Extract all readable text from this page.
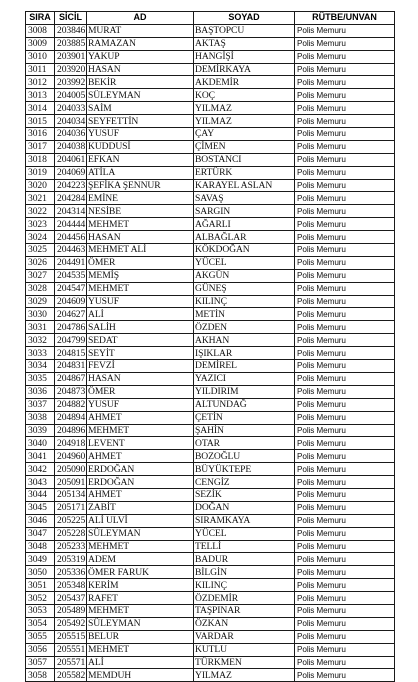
SIRA	SİCİL	AD	SOYAD	RÜTBE/UNVAN
3008	203846	MURAT	BAŞTOPCU	Polis Memuru
3009	203885	RAMAZAN	AKTAŞ	Polis Memuru
3010	203901	YAKUP	HANGİŞİ	Polis Memuru
3011	203920	HASAN	DEMİRKAYA	Polis Memuru
3012	203992	BEKİR	AKDEMİR	Polis Memuru
3013	204005	SÜLEYMAN	KOÇ	Polis Memuru
3014	204033	SAİM	YILMAZ	Polis Memuru
3015	204034	SEYFETTİN	YILMAZ	Polis Memuru
3016	204036	YUSUF	ÇAY	Polis Memuru
3017	204038	KUDDUSİ	ÇİMEN	Polis Memuru
3018	204061	EFKAN	BOSTANCI	Polis Memuru
3019	204069	ATİLA	ERTÜRK	Polis Memuru
3020	204223	ŞEFİKA ŞENNUR	KARAYEL ASLAN	Polis Memuru
3021	204284	EMİNE	SAVAŞ	Polis Memuru
3022	204314	NESİBE	SARGIN	Polis Memuru
3023	204444	MEHMET	AĞARLI	Polis Memuru
3024	204456	HASAN	ALBAĞLAR	Polis Memuru
3025	204463	MEHMET ALİ	KÖKDOĞAN	Polis Memuru
3026	204491	ÖMER	YÜCEL	Polis Memuru
3027	204535	MEMİŞ	AKGÜN	Polis Memuru
3028	204547	MEHMET	GÜNEŞ	Polis Memuru
3029	204609	YUSUF	KILINÇ	Polis Memuru
3030	204627	ALİ	METİN	Polis Memuru
3031	204786	SALİH	ÖZDEN	Polis Memuru
3032	204799	SEDAT	AKHAN	Polis Memuru
3033	204815	SEYİT	IŞIKLAR	Polis Memuru
3034	204831	FEVZİ	DEMİREL	Polis Memuru
3035	204867	HASAN	YAZICI	Polis Memuru
3036	204873	ÖMER	YILDIRIM	Polis Memuru
3037	204882	YUSUF	ALTUNDAĞ	Polis Memuru
3038	204894	AHMET	ÇETİN	Polis Memuru
3039	204896	MEHMET	ŞAHİN	Polis Memuru
3040	204918	LEVENT	OTAR	Polis Memuru
3041	204960	AHMET	BOZOĞLU	Polis Memuru
3042	205090	ERDOĞAN	BÜYÜKTEPE	Polis Memuru
3043	205091	ERDOĞAN	CENGİZ	Polis Memuru
3044	205134	AHMET	SEZİK	Polis Memuru
3045	205171	ZABİT	DOĞAN	Polis Memuru
3046	205225	ALİ ULVİ	SIRAMKAYA	Polis Memuru
3047	205228	SÜLEYMAN	YÜCEL	Polis Memuru
3048	205233	MEHMET	TELLİ	Polis Memuru
3049	205319	ADEM	BADUR	Polis Memuru
3050	205336	ÖMER FARUK	BİLGİN	Polis Memuru
3051	205348	KERİM	KILINÇ	Polis Memuru
3052	205437	RAFET	ÖZDEMİR	Polis Memuru
3053	205489	MEHMET	TAŞPINAR	Polis Memuru
3054	205492	SÜLEYMAN	ÖZKAN	Polis Memuru
3055	205515	BELUR	VARDAR	Polis Memuru
3056	205551	MEHMET	KUTLU	Polis Memuru
3057	205571	ALİ	TÜRKMEN	Polis Memuru
3058	205582	MEMDUH	YILMAZ	Polis Memuru
